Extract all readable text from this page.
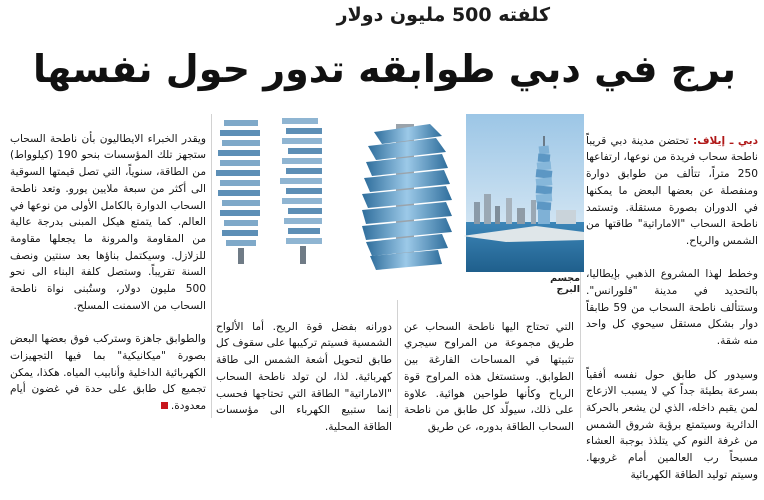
كلفته 500 مليون دولار
برج في دبي طوابقه تدور حول نفسها

دبي ـ إيلاف: تحتضن مدينة دبي قريباً ناطحة سحاب فريدة من نوعها، ارتفاعها 250 متراً، تتألف من طوابق دوارة ومنفصلة عن بعضها البعض ما يمكنها في الدوران بصورة مستقلة. وتستمد ناطحة السحاب "الاماراتية" طاقتها من الشمس والرياح.

وخطط لهذا المشروع الذهبي بإيطاليا، بالتحديد في مدينة "فلورانس". وستتألف ناطحة السحاب من 59 طابقاً دوار بشكل مستقل سيحوي كل واحد منه شقة.

وسيدور كل طابق حول نفسه أفقياً بسرعة بطيئة جداً كي لا يسبب الازعاج لمن يقيم داخله، الذي لن يشعر بالحركة الدائرية وسيتمتع برؤية شروق الشمس من غرفة النوم كي يتلذذ بوجبة العشاء مسبحاً رب العالمين أمام غروبها. وسيتم توليد الطاقة الكهربائية

مجسم البرج

التي تحتاج اليها ناطحة السحاب عن طريق مجموعة من المراوح سيجري تثبيتها في المساحات الفارغة بين الطوابق. وستستغل هذه المراوح قوة الرياح وكأنها طواحين هوائية. علاوة على ذلك، سيولّد كل طابق من ناطحة السحاب الطاقة بدوره، عن طريق

دورانه بفضل قوة الريح. أما الألواح الشمسية فسيتم تركيبها على سقوف كل طابق لتحويل أشعة الشمس الى طاقة كهربائية. لذا، لن تولد ناطحة السحاب "الاماراتية" الطاقة التي تحتاجها فحسب إنما ستبيع الكهرباء الى مؤسسات الطاقة المحلية.

ويقدر الخبراء الايطاليون بأن ناطحة السحاب ستجهز تلك المؤسسات بنحو 190 (كيلوواط) من الطاقة، سنوياً، التي تصل قيمتها السوقية الى أكثر من سبعة ملايين يورو. وتعد ناطحة السحاب الدوارة بالكامل الأولى من نوعها في العالم. كما يتمتع هيكل المبنى بدرجة عالية من المقاومة والمرونة ما يجعلها مقاومة للزلازل. وسيكتمل بناؤها بعد سنتين ونصف السنة تقريباً. وستصل كلفة البناء الى نحو 500 مليون دولار، وستُبنى نواة ناطحة السحاب من الاسمنت المسلح.

والطوابق جاهزة وستركب فوق بعضها البعض بصورة "ميكانيكية" بما فيها التجهيزات الكهربائية الداخلية وأنابيب المياه. هكذا، يمكن تجميع كل طابق على حدة في غضون أيام معدودة.
